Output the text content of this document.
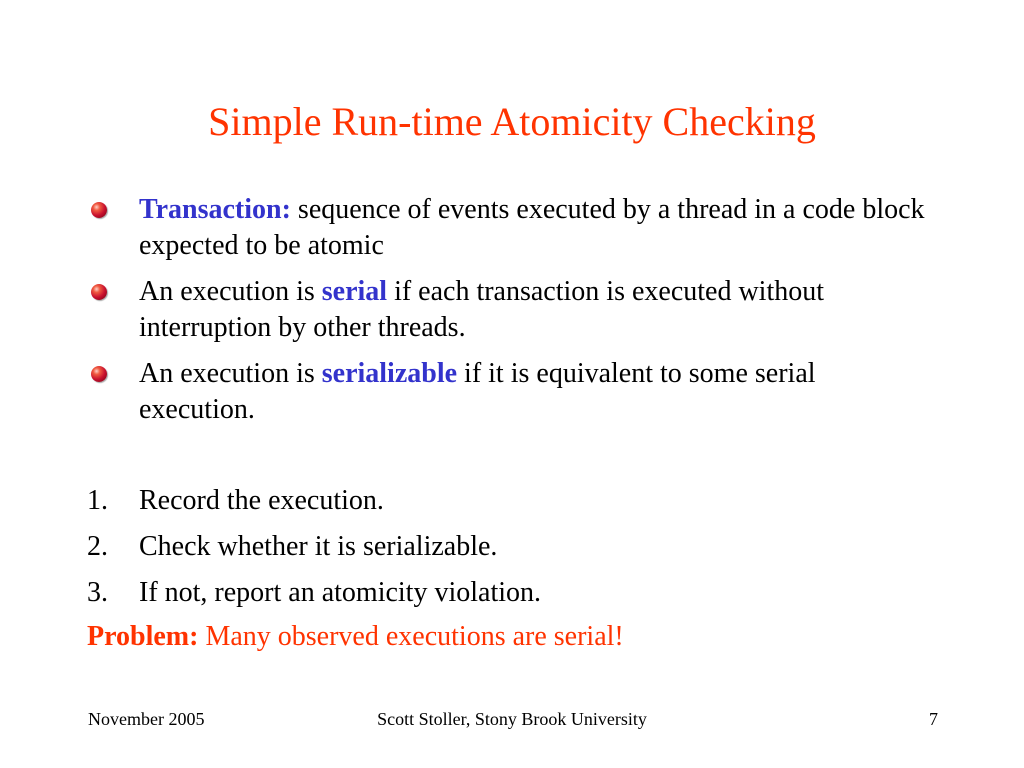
Simple Run-time Atomicity Checking
Transaction: sequence of events executed by a thread in a code block expected to be atomic
An execution is serial if each transaction is executed without interruption by other threads.
An execution is serializable if it is equivalent to some serial execution.
1. Record the execution.
2. Check whether it is serializable.
3. If not, report an atomicity violation.
Problem: Many observed executions are serial!
November 2005	Scott Stoller, Stony Brook University	7
